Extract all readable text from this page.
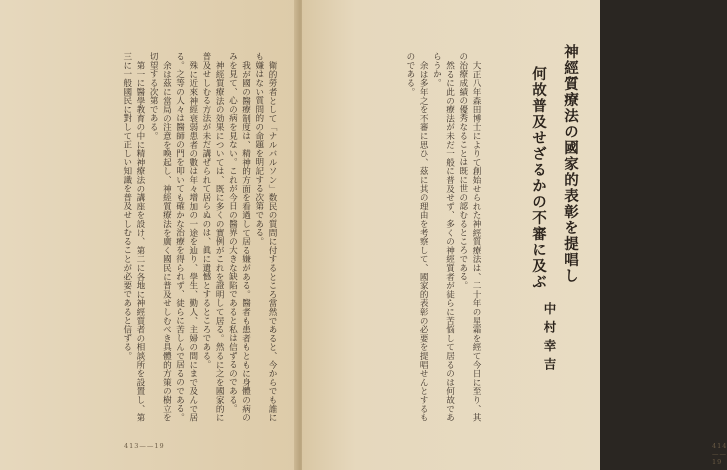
衛的勞者として「ナルバルソン」数民の質問に付するところ當然であると、今からでも誰にも嫌はない質問的の命題を明記する次第である。

我が國の醫療制度は、精神的方面を看過して居る嫌がある。醫者も患者もともに身體の病のみを見て、心の病を見ない。これが今日の醫界の大きな缺陷であると私は信ずるのである。

神經質療法の効果については、既に多くの實例がこれを證明して居る。然るに之を國家的に普及せしむる方法が未だ講ぜられて居らぬのは、眞に遺憾とするところである。

殊に近來神經衰弱患者の數は年々增加の一途を辿り、學生、勤人、主婦の間にまで及んで居る。之等の人々は醫師の門を叩いても確かな治療を得られず、徒らに苦しんで居るのである。

余は茲に當局の注意を喚起し、神經質療法を廣く國民に普及せしむべき具體的方策の樹立を切望する次第である。

第一に醫學教育の中に精神療法の講座を設け、第二に各地に神經質者の相談所を設置し、第三に一般國民に對して正しい知識を普及せしむることが必要であると信ずる。

413——19
神經質療法の國家的表彰を提唱し
何故普及せざるかの不審に及ぶ
中村幸吉

大正八年森田博士によりて創始せられた神經質療法は、二十年の星霜を經て今日に至り、其の治療成績の優秀なることは既に世の認むるところである。

然るに此の療法が未だ一般に普及せず、多くの神經質者が徒らに苦悩して居るのは何故であらうか。

余は多年之を不審に思ひ、茲に其の理由を考察して、國家的表彰の必要を提唱せんとするものである。

414——19
